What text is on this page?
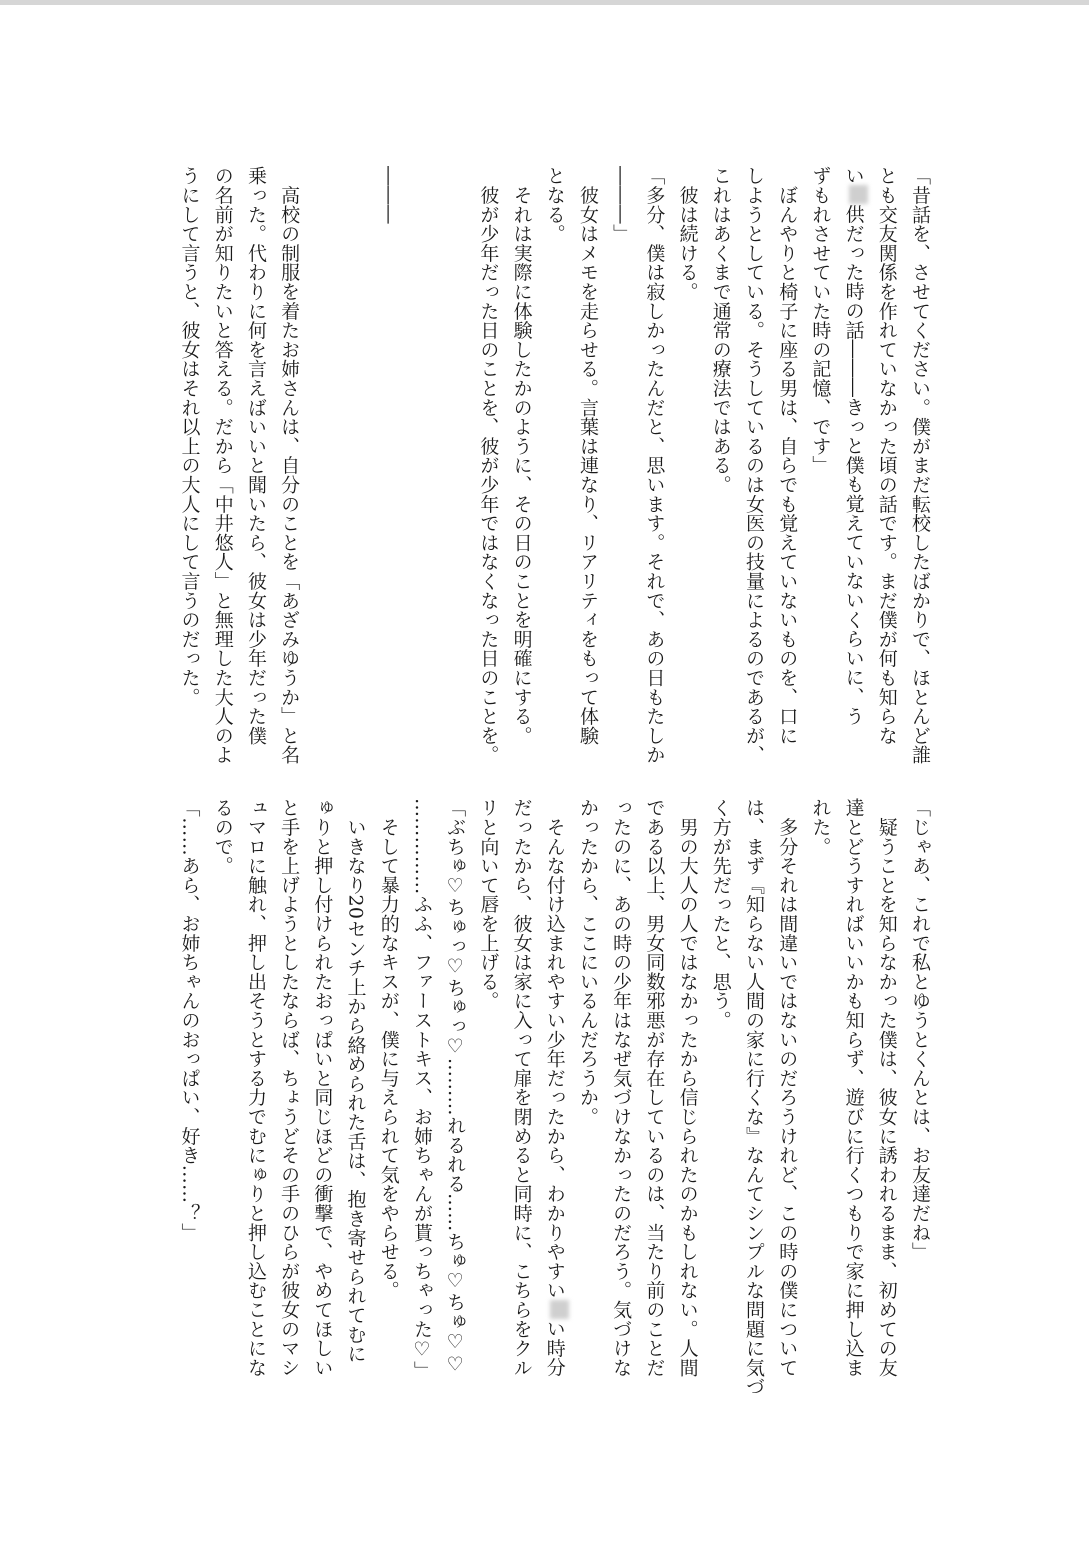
「昔話を、させてください。僕がまだ転校したばかりで、ほとんど誰
とも交友関係を作れていなかった頃の話です。まだ僕が何も知らな
い供だった時の話―――きっと僕も覚えていないくらいに、う
ずもれさせていた時の記憶、です」
　ぼんやりと椅子に座る男は、自らでも覚えていないものを、口に
しようとしている。そうしているのは女医の技量によるのであるが、
これはあくまで通常の療法ではある。
　彼は続ける。
「多分、僕は寂しかったんだと、思います。それで、あの日もたしか
―――」
　彼女はメモを走らせる。言葉は連なり、リアリティをもって体験
となる。
　それは実際に体験したかのように、その日のことを明確にする。
　彼が少年だった日のことを、彼が少年ではなくなった日のことを。

―――

　高校の制服を着たお姉さんは、自分のことを「あざみゆうか」と名
乗った。代わりに何を言えばいいと聞いたら、彼女は少年だった僕
の名前が知りたいと答える。だから「中井悠人」と無理した大人のよ
うにして言うと、彼女はそれ以上の大人にして言うのだった。
「じゃあ、これで私とゆうとくんとは、お友達だね」
　疑うことを知らなかった僕は、彼女に誘われるまま、初めての友
達とどうすればいいかも知らず、遊びに行くつもりで家に押し込ま
れた。
　多分それは間違いではないのだろうけれど、この時の僕について
は、まず『知らない人間の家に行くな』なんてシンプルな問題に気づ
く方が先だったと、思う。
　男の大人の人ではなかったから信じられたのかもしれない。人間
である以上、男女同数邪悪が存在しているのは、当たり前のことだ
ったのに、あの時の少年はなぜ気づけなかったのだろう。気づけな
かったから、ここにいるんだろうか。
　そんな付け込まれやすい少年だったから、わかりやすいい時分
だったから、彼女は家に入って扉を閉めると同時に、こちらをクル
リと向いて唇を上げる。
「ぶちゅ♡ちゅっ♡ちゅっ♡………れるれる……ちゅ♡ちゅ♡♡
……………ふふ、ファーストキス、お姉ちゃんが貰っちゃった♡」
　そして暴力的なキスが、僕に与えられて気をやらせる。
　いきなり20センチ上から絡められた舌は、抱き寄せられてむに
ゅりと押し付けられたおっぱいと同じほどの衝撃で、やめてほしい
と手を上げようとしたならば、ちょうどその手のひらが彼女のマシ
ュマロに触れ、押し出そうとする力でむにゅりと押し込むことにな
るので。
「……あら、お姉ちゃんのおっぱい、好き……？」
